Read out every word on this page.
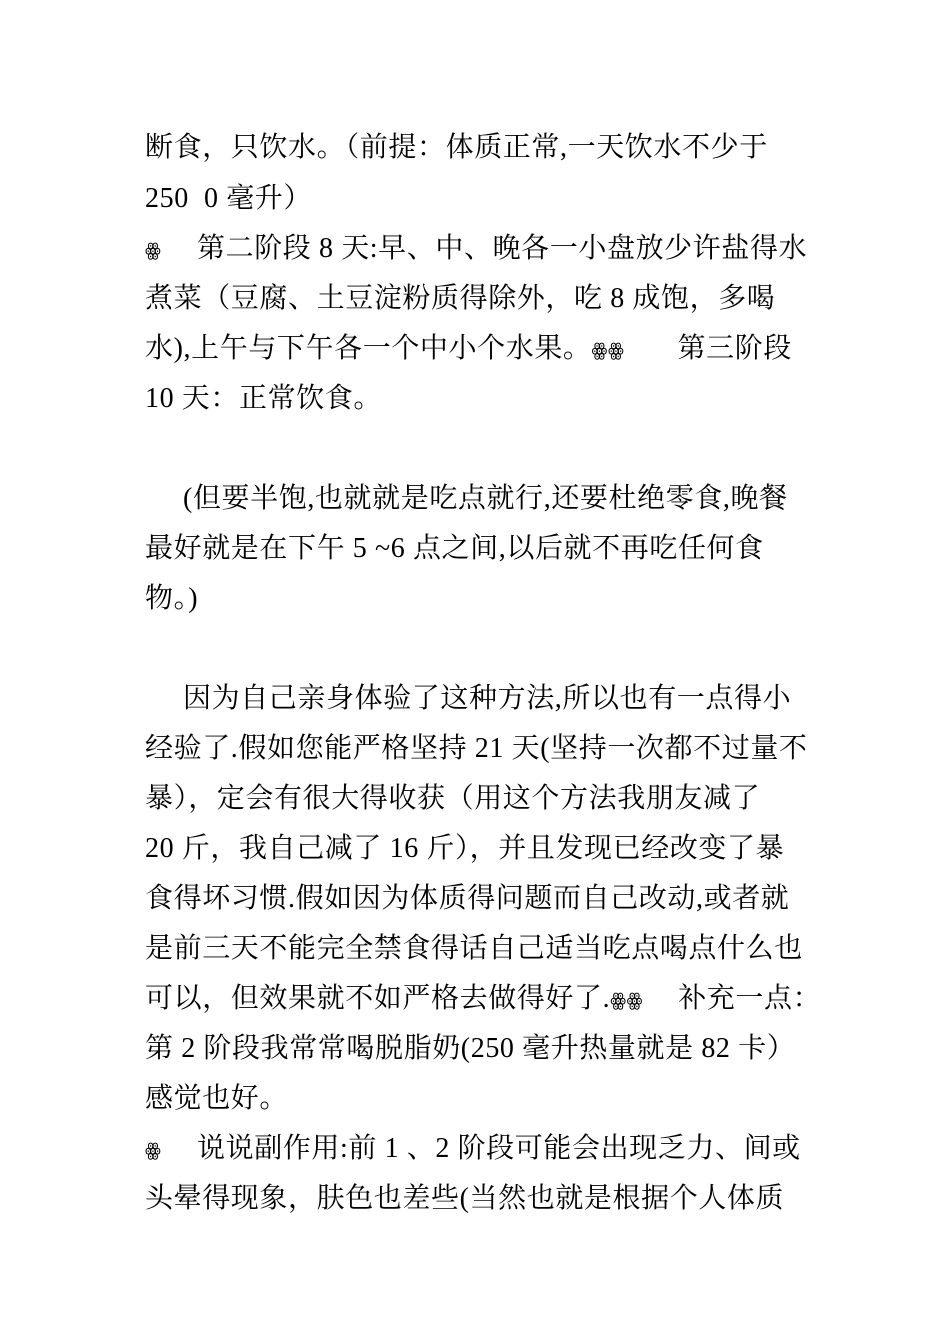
断食，只饮水。（前提：体质正常,一天饮水不少于
250  0 毫升）
ꙮ 第二阶段 8 天:早、中、晚各一小盘放少许盐得水
煮菜（豆腐、土豆淀粉质得除外，吃 8 成饱，多喝
水),上午与下午各一个中小个水果。ꙮꙮ 第三阶段
10 天：正常饮食。
(但要半饱,也就就是吃点就行,还要杜绝零食,晚餐
最好就是在下午 5 ~6 点之间,以后就不再吃任何食
物。)
因为自己亲身体验了这种方法,所以也有一点得小
经验了.假如您能严格坚持 21 天(坚持一次都不过量不
暴），定会有很大得收获（用这个方法我朋友减了
20 斤，我自己减了 16 斤），并且发现已经改变了暴
食得坏习惯.假如因为体质得问题而自己改动,或者就
是前三天不能完全禁食得话自己适当吃点喝点什么也
可以，但效果就不如严格去做得好了.ꙮꙮ 补充一点：
第 2 阶段我常常喝脱脂奶(250 毫升热量就是 82 卡）
感觉也好。
ꙮ 说说副作用:前 1 、2 阶段可能会出现乏力、间或
头晕得现象，肤色也差些(当然也就是根据个人体质
